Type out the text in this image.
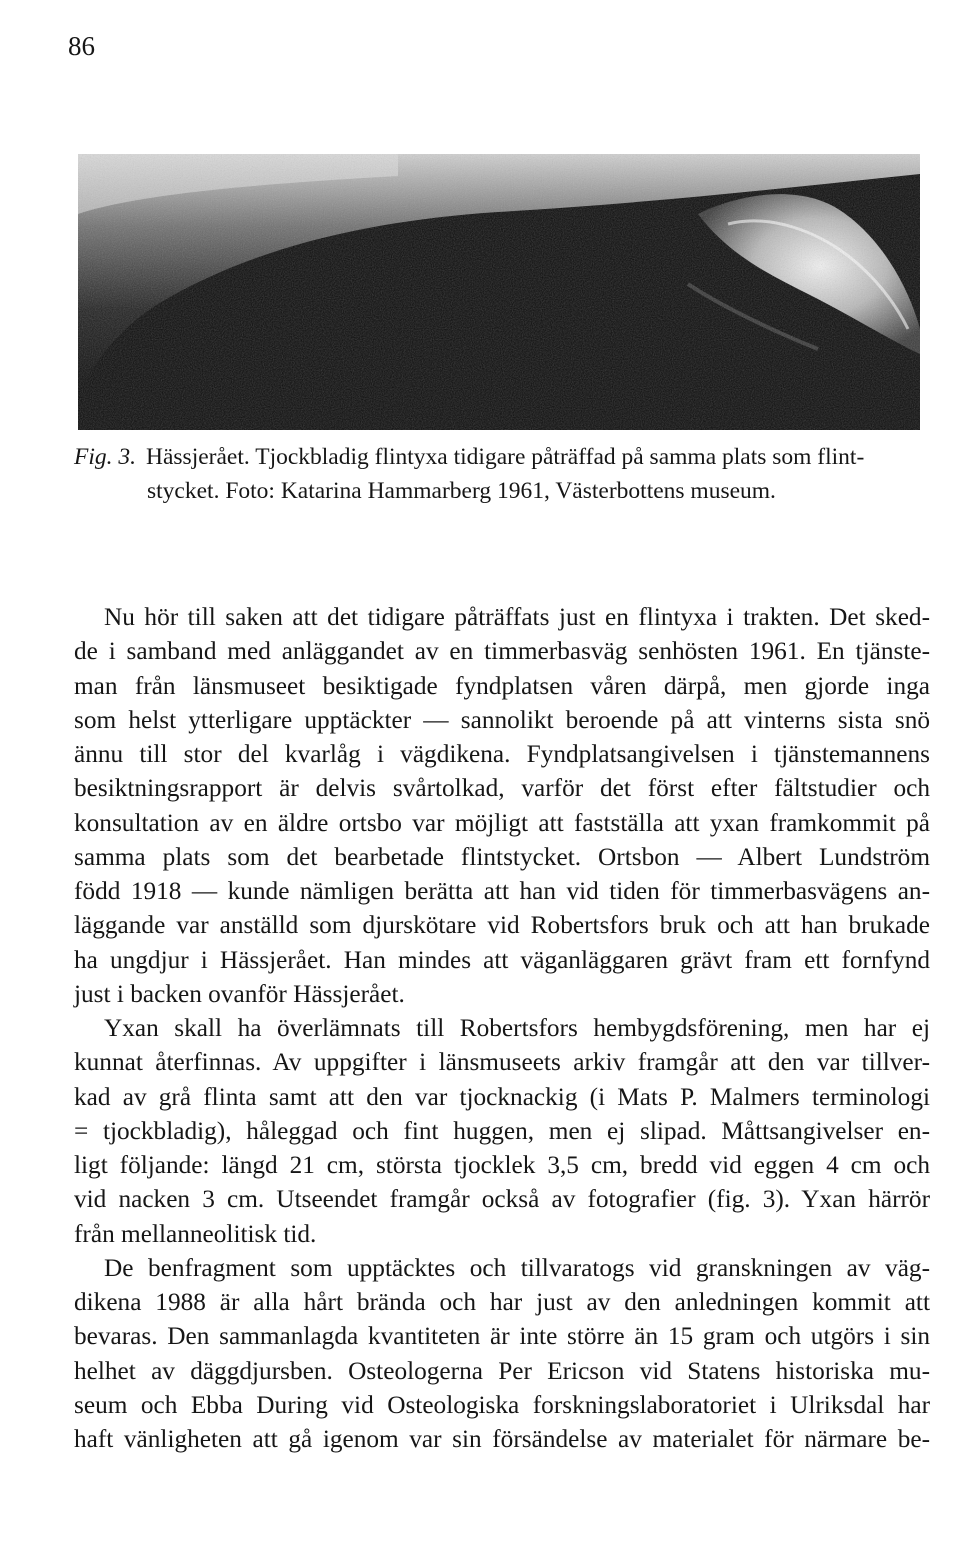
86

Fig. 3. Hässjerået. Tjockbladig flintyxa tidigare påträffad på samma plats som flint-
stycket. Foto: Katarina Hammarberg 1961, Västerbottens museum.

Nu hör till saken att det tidigare påträffats just en flintyxa i trakten. Det sked-
de i samband med anläggandet av en timmerbasväg senhösten 1961. En tjänste-
man från länsmuseet besiktigade fyndplatsen våren därpå, men gjorde inga
som helst ytterligare upptäckter — sannolikt beroende på att vinterns sista snö
ännu till stor del kvarlåg i vägdikena. Fyndplatsangivelsen i tjänstemannens
besiktningsrapport är delvis svårtolkad, varför det först efter fältstudier och
konsultation av en äldre ortsbo var möjligt att fastställa att yxan framkommit på
samma plats som det bearbetade flintstycket. Ortsbon — Albert Lundström
född 1918 — kunde nämligen berätta att han vid tiden för timmerbasvägens an-
läggande var anställd som djurskötare vid Robertsfors bruk och att han brukade
ha ungdjur i Hässjerået. Han mindes att väganläggaren grävt fram ett fornfynd
just i backen ovanför Hässjerået.
Yxan skall ha överlämnats till Robertsfors hembygdsförening, men har ej
kunnat återfinnas. Av uppgifter i länsmuseets arkiv framgår att den var tillver-
kad av grå flinta samt att den var tjocknackig (i Mats P. Malmers terminologi
= tjockbladig), håleggad och fint huggen, men ej slipad. Måttsangivelser en-
ligt följande: längd 21 cm, största tjocklek 3,5 cm, bredd vid eggen 4 cm och
vid nacken 3 cm. Utseendet framgår också av fotografier (fig. 3). Yxan härrör
från mellanneolitisk tid.
De benfragment som upptäcktes och tillvaratogs vid granskningen av väg-
dikena 1988 är alla hårt brända och har just av den anledningen kommit att
bevaras. Den sammanlagda kvantiteten är inte större än 15 gram och utgörs i sin
helhet av däggdjursben. Osteologerna Per Ericson vid Statens historiska mu-
seum och Ebba During vid Osteologiska forskningslaboratoriet i Ulriksdal har
haft vänligheten att gå igenom var sin försändelse av materialet för närmare be-
